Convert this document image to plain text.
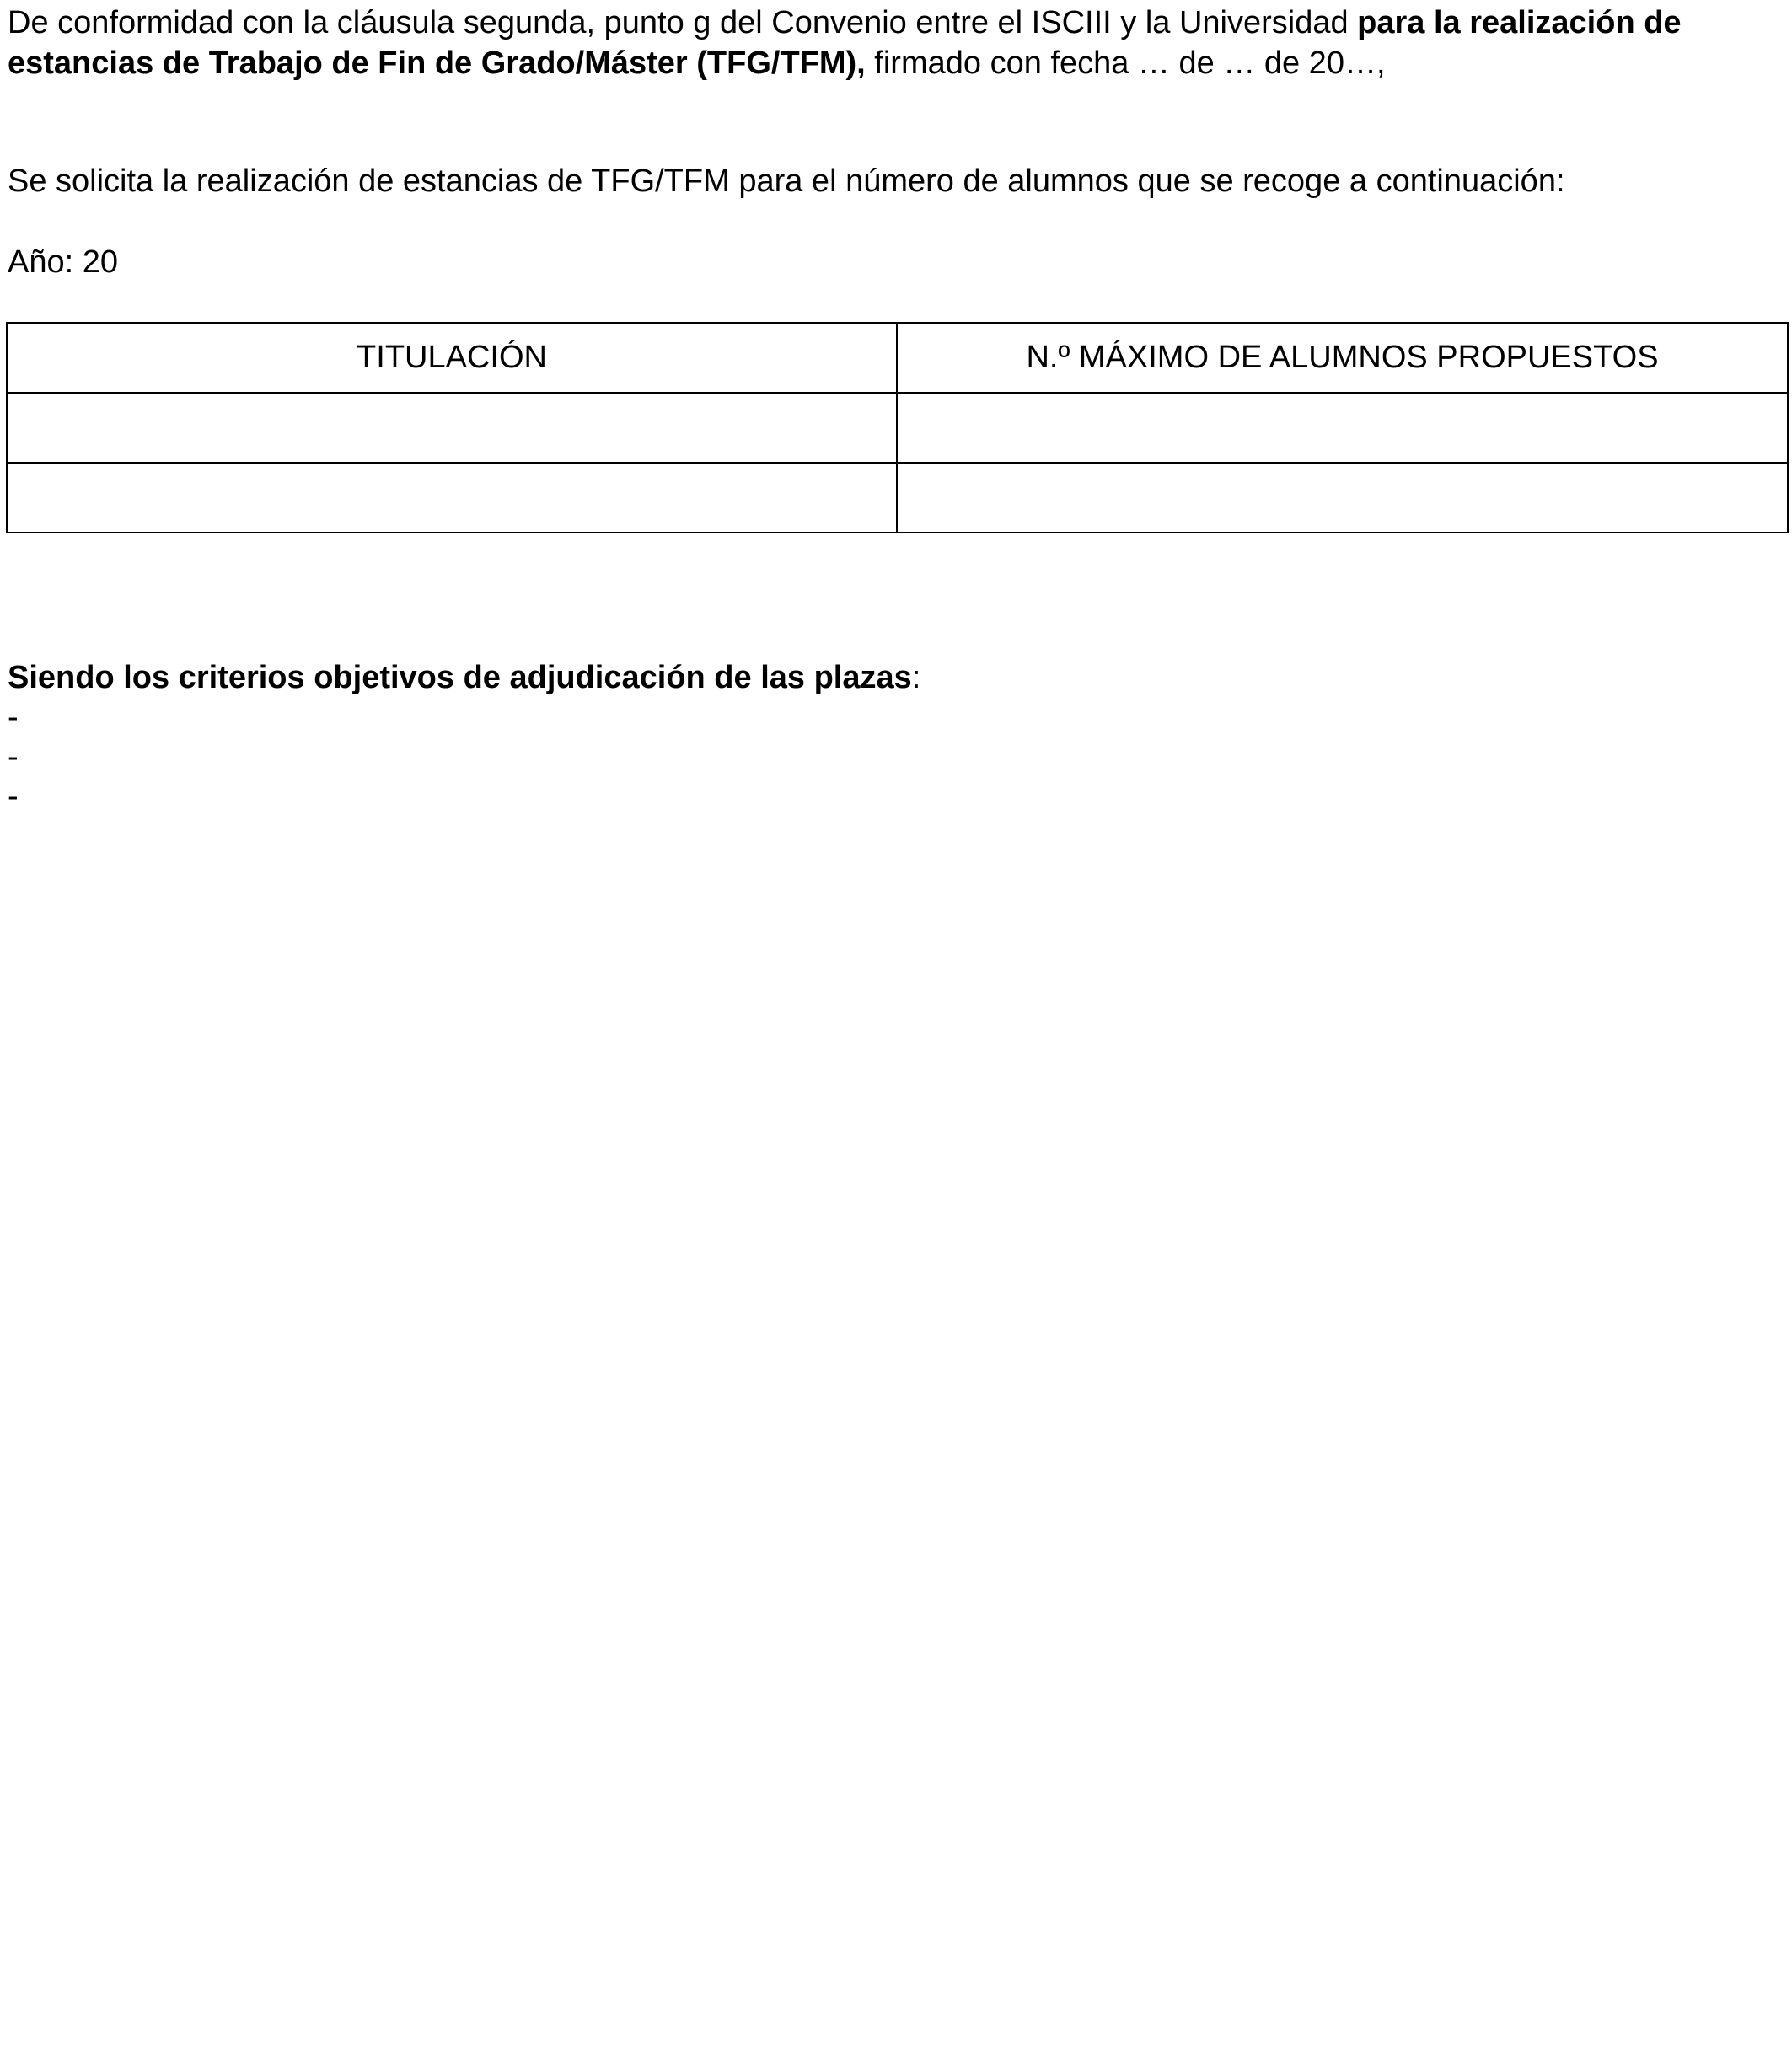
De conformidad con la cláusula segunda, punto g del Convenio entre el ISCIII y la Universidad para la realización de estancias de Trabajo de Fin de Grado/Máster (TFG/TFM), firmado con fecha … de … de 20…,

Se solicita la realización de estancias de TFG/TFM para el número de alumnos que se recoge a continuación:

Año: 20

TITULACIÓN	N.º MÁXIMO DE ALUMNOS PROPUESTOS

Siendo los criterios objetivos de adjudicación de las plazas:

-
-
-
